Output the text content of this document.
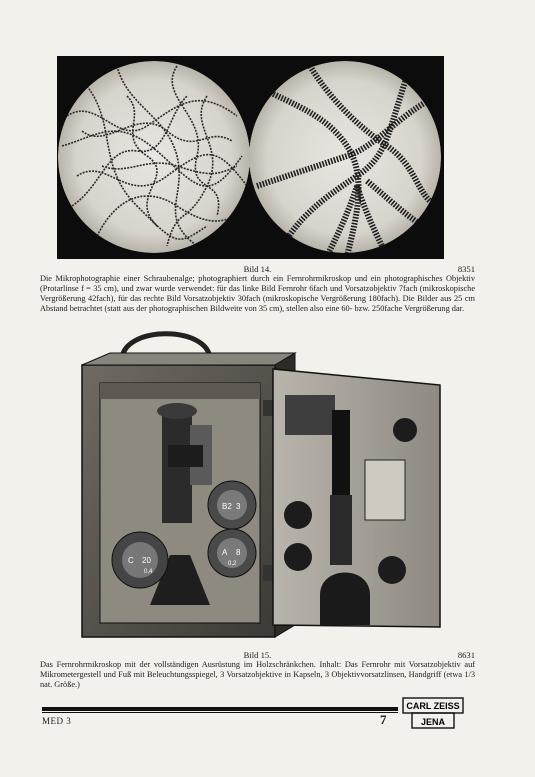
Bild 14.	8351
Die Mikrophotographie einer Schraubenalge; photographiert durch ein Fernrohrmikroskop und ein photographisches Objektiv (Protarlinse f = 35 cm), und zwar wurde verwendet: für das linke Bild Fernrohr 6fach und Vorsatzobjektiv 7fach (mikroskopische Vergrößerung 42fach), für das rechte Bild Vorsatzobjektiv 30fach (mikroskopische Vergrößerung 180fach). Die Bilder aus 25 cm Abstand betrachtet (statt aus der photographischen Bildweite von 35 cm), stellen also eine 60- bzw. 250fache Vergrößerung dar.
C 20
0,4
B2 3
A 8
0,2
Bild 15.	8631
Das Fernrohrmikroskop mit der vollständigen Ausrüstung im Holzschränkchen. Inhalt: Das Fernrohr mit Vorsatzobjektiv auf Mikrometergestell und Fuß mit Beleuchtungsspiegel, 3 Vorsatzobjektive in Kapseln, 3 Objektivvorsatzlinsen, Handgriff (etwa 1/3 nat. Größe.)
MED 3	7
CARL ZEISS
JENA
